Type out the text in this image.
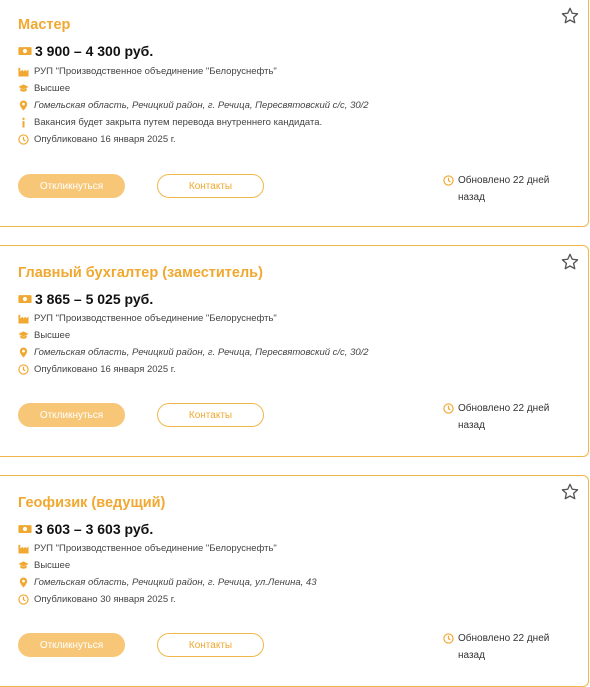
Мастер
3 900 – 4 300 руб.
РУП "Производственное объединение "Белоруснефть"
Высшее
Гомельская область, Речицкий район, г. Речица, Пересвятовский с/с, 30/2
Вакансия будет закрыта путем перевода внутреннего кандидата.
Опубликовано 16 января 2025 г.
Откликнуться	Контакты	Обновлено 22 дней
назад
Главный бухгалтер (заместитель)
3 865 – 5 025 руб.
РУП "Производственное объединение "Белоруснефть"
Высшее
Гомельская область, Речицкий район, г. Речица, Пересвятовский с/с, 30/2
Опубликовано 16 января 2025 г.
Откликнуться	Контакты
Обновлено 22 дней
назад
Геофизик (ведущий)
3 603 – 3 603 руб.
РУП "Производственное объединение "Белоруснефть"
Высшее
Гомельская область, Речицкий район, г. Речица, ул.Ленина, 43
Опубликовано 30 января 2025 г.
Откликнуться	Контакты
Обновлено 22 дней
назад
